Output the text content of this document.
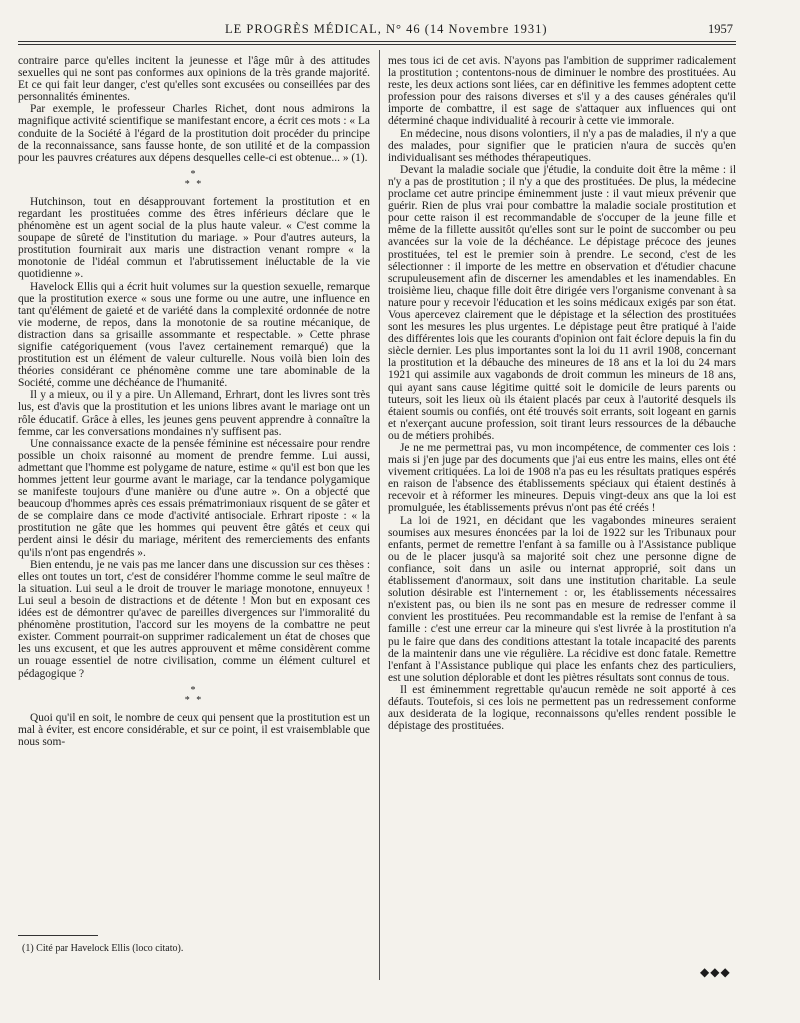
LE PROGRÈS MÉDICAL, N° 46 (14 Novembre 1931)	1957

contraire parce qu'elles incitent la jeunesse et l'âge mûr à des attitudes sexuelles qui ne sont pas conformes aux opinions de la très grande majorité. Et ce qui fait leur danger, c'est qu'elles sont excusées ou conseillées par des personnalités éminentes.

Par exemple, le professeur Charles Richet, dont nous admirons la magnifique activité scientifique se manifestant encore, a écrit ces mots : « La conduite de la Société à l'égard de la prostitution doit procéder du principe de la reconnaissance, sans fausse honte, de son utilité et de la compassion pour les pauvres créatures aux dépens desquelles celle-ci est obtenue... » (1).

*
* *

Hutchinson, tout en désapprouvant fortement la prostitution et en regardant les prostituées comme des êtres inférieurs déclare que le phénomène est un agent social de la plus haute valeur. « C'est comme la soupape de sûreté de l'institution du mariage. » Pour d'autres auteurs, la prostitution fournirait aux maris une distraction venant rompre « la monotonie de l'idéal commun et l'abrutissement inéluctable de la vie quotidienne ».

Havelock Ellis qui a écrit huit volumes sur la question sexuelle, remarque que la prostitution exerce « sous une forme ou une autre, une influence en tant qu'élément de gaieté et de variété dans la complexité ordonnée de notre vie moderne, de repos, dans la monotonie de sa routine mécanique, de distraction dans sa grisaille assommante et respectable. » Cette phrase signifie catégoriquement (vous l'avez certainement remarqué) que la prostitution est un élément de valeur culturelle. Nous voilà bien loin des théories considérant ce phénomène comme une tare abominable de la Société, comme une déchéance de l'humanité.

Il y a mieux, ou il y a pire. Un Allemand, Erhrart, dont les livres sont très lus, est d'avis que la prostitution et les unions libres avant le mariage ont un rôle éducatif. Grâce à elles, les jeunes gens peuvent apprendre à connaître la femme, car les conversations mondaines n'y suffisent pas.

Une connaissance exacte de la pensée féminine est nécessaire pour rendre possible un choix raisonné au moment de prendre femme. Lui aussi, admettant que l'homme est polygame de nature, estime « qu'il est bon que les hommes jettent leur gourme avant le mariage, car la tendance polygamique se manifeste toujours d'une manière ou d'une autre ». On a objecté que beaucoup d'hommes après ces essais prématrimoniaux risquent de se gâter et de se complaire dans ce mode d'activité antisociale. Erhrart riposte : « la prostitution ne gâte que les hommes qui peuvent être gâtés et ceux qui perdent ainsi le désir du mariage, méritent des remerciements des enfants qu'ils n'ont pas engendrés ».

Bien entendu, je ne vais pas me lancer dans une discussion sur ces thèses : elles ont toutes un tort, c'est de considérer l'homme comme le seul maître de la situation. Lui seul a le droit de trouver le mariage monotone, ennuyeux ! Lui seul a besoin de distractions et de détente ! Mon but en exposant ces idées est de démontrer qu'avec de pareilles divergences sur l'immoralité du phénomène prostitution, l'accord sur les moyens de la combattre ne peut exister. Comment pourrait-on supprimer radicalement un état de choses que les uns excusent, et que les autres approuvent et même considèrent comme un rouage essentiel de notre civilisation, comme un élément culturel et pédagogique ?

*
* *

Quoi qu'il en soit, le nombre de ceux qui pensent que la prostitution est un mal à éviter, est encore considérable, et sur ce point, il est vraisemblable que nous som-

mes tous ici de cet avis. N'ayons pas l'ambition de supprimer radicalement la prostitution ; contentons-nous de diminuer le nombre des prostituées. Au reste, les deux actions sont liées, car en définitive les femmes adoptent cette profession pour des raisons diverses et s'il y a des causes générales qu'il importe de combattre, il est sage de s'attaquer aux influences qui ont déterminé chaque individualité à recourir à cette vie immorale.

En médecine, nous disons volontiers, il n'y a pas de maladies, il n'y a que des malades, pour signifier que le praticien n'aura de succès qu'en individualisant ses méthodes thérapeutiques.

Devant la maladie sociale que j'étudie, la conduite doit être la même : il n'y a pas de prostitution ; il n'y a que des prostituées. De plus, la médecine proclame cet autre principe éminemment juste : il vaut mieux prévenir que guérir. Rien de plus vrai pour combattre la maladie sociale prostitution et pour cette raison il est recommandable de s'occuper de la jeune fille et même de la fillette aussitôt qu'elles sont sur le point de succomber ou peu avancées sur la voie de la déchéance. Le dépistage précoce des jeunes prostituées, tel est le premier soin à prendre. Le second, c'est de les sélectionner : il importe de les mettre en observation et d'étudier chacune scrupuleusement afin de discerner les amendables et les inamendables. En troisième lieu, chaque fille doit être dirigée vers l'organisme convenant à sa nature pour y recevoir l'éducation et les soins médicaux exigés par son état. Vous apercevez clairement que le dépistage et la sélection des prostituées sont les mesures les plus urgentes. Le dépistage peut être pratiqué à l'aide des différentes lois que les courants d'opinion ont fait éclore depuis la fin du siècle dernier. Les plus importantes sont la loi du 11 avril 1908, concernant la prostitution et la débauche des mineures de 18 ans et la loi du 24 mars 1921 qui assimile aux vagabonds de droit commun les mineurs de 18 ans, qui ayant sans cause légitime quitté soit le domicile de leurs parents ou tuteurs, soit les lieux où ils étaient placés par ceux à l'autorité desquels ils étaient soumis ou confiés, ont été trouvés soit errants, soit logeant en garnis et n'exerçant aucune profession, soit tirant leurs ressources de la débauche ou de métiers prohibés.

Je ne me permettrai pas, vu mon incompétence, de commenter ces lois : mais si j'en juge par des documents que j'ai eus entre les mains, elles ont été vivement critiquées. La loi de 1908 n'a pas eu les résultats pratiques espérés en raison de l'absence des établissements spéciaux qui étaient destinés à recevoir et à réformer les mineures. Depuis vingt-deux ans que la loi est promulguée, les établissements prévus n'ont pas été créés !

La loi de 1921, en décidant que les vagabondes mineures seraient soumises aux mesures énoncées par la loi de 1922 sur les Tribunaux pour enfants, permet de remettre l'enfant à sa famille ou à l'Assistance publique ou de le placer jusqu'à sa majorité soit chez une personne digne de confiance, soit dans un asile ou internat approprié, soit dans un établissement d'anormaux, soit dans une institution charitable. La seule solution désirable est l'internement : or, les établissements nécessaires n'existent pas, ou bien ils ne sont pas en mesure de redresser comme il convient les prostituées. Peu recommandable est la remise de l'enfant à sa famille : c'est une erreur car la mineure qui s'est livrée à la prostitution n'a pu le faire que dans des conditions attestant la totale incapacité des parents de la maintenir dans une vie régulière. La récidive est donc fatale. Remettre l'enfant à l'Assistance publique qui place les enfants chez des particuliers, est une solution déplorable et dont les piètres résultats sont connus de tous.

Il est éminemment regrettable qu'aucun remède ne soit apporté à ces défauts. Toutefois, si ces lois ne permettent pas un redressement conforme aux desiderata de la logique, reconnaissons qu'elles rendent possible le dépistage des prostituées.

(1) Cité par Havelock Ellis (loco citato).
◆◆◆
